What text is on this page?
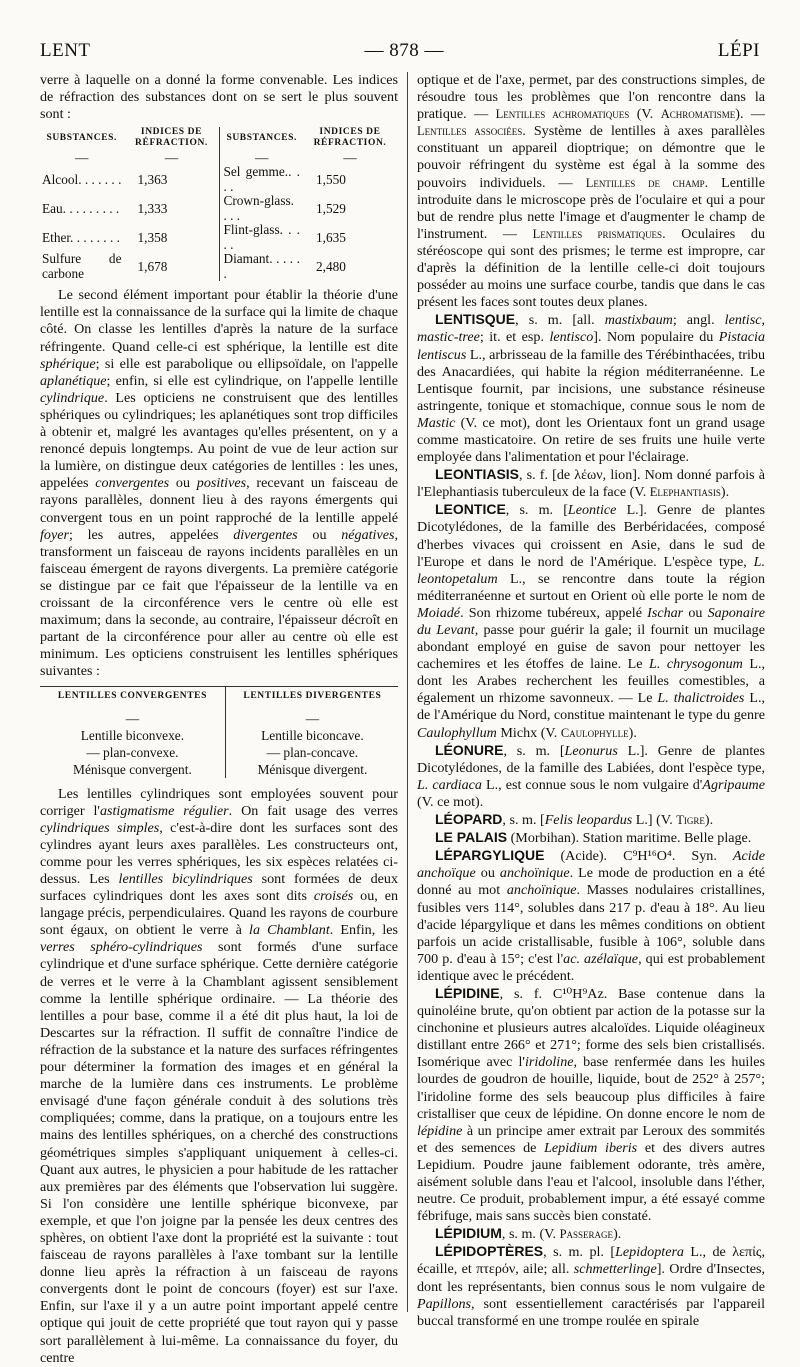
LENT	— 878 —	LÉPI

verre à laquelle on a donné la forme convenable. Les indices de réfraction des substances dont on se sert le plus souvent sont :

SUBSTANCES.	INDICES DE RÉFRACTION.		SUBSTANCES.	INDICES DE RÉFRACTION.
—	—	—	—
Alcool. . . . . . .	1,363	Sel gemme.. . . .	1,550
Eau. . . . . . . . .	1,333	Crown-glass. . . .	1,529
Ether. . . . . . . .	1,358	Flint-glass. . . . .	1,635
Sulfure de carbone	1,678	Diamant. . . . . .	2,480

Le second élément important pour établir la théorie d'une lentille est la connaissance de la surface qui la limite de chaque côté. On classe les lentilles d'après la nature de la surface réfringente. Quand celle-ci est sphérique, la lentille est dite sphérique; si elle est parabolique ou ellipsoïdale, on l'appelle aplanétique; enfin, si elle est cylindrique, on l'appelle lentille cylindrique. Les opticiens ne construisent que des lentilles sphériques ou cylindriques; les aplanétiques sont trop difficiles à obtenir et, malgré les avantages qu'elles présentent, on y a renoncé depuis longtemps. Au point de vue de leur action sur la lumière, on distingue deux catégories de lentilles : les unes, appelées convergentes ou positives, recevant un faisceau de rayons parallèles, donnent lieu à des rayons émergents qui convergent tous en un point rapproché de la lentille appelé foyer; les autres, appelées divergentes ou négatives, transforment un faisceau de rayons incidents parallèles en un faisceau émergent de rayons divergents. La première catégorie se distingue par ce fait que l'épaisseur de la lentille va en croissant de la circonférence vers le centre où elle est maximum; dans la seconde, au contraire, l'épaisseur décroît en partant de la circonférence pour aller au centre où elle est minimum. Les opticiens construisent les lentilles sphériques suivantes :

LENTILLES CONVERGENTES		LENTILLES DIVERGENTES
—		—
Lentille biconvexe.		Lentille biconcave.
— plan-convexe.		— plan-concave.
Ménisque convergent.		Ménisque divergent.

Les lentilles cylindriques sont employées souvent pour corriger l'astigmatisme régulier. On fait usage des verres cylindriques simples, c'est-à-dire dont les surfaces sont des cylindres ayant leurs axes parallèles. Les constructeurs ont, comme pour les verres sphériques, les six espèces relatées ci-dessus. Les lentilles bicylindriques sont formées de deux surfaces cylindriques dont les axes sont dits croisés ou, en langage précis, perpendiculaires. Quand les rayons de courbure sont égaux, on obtient le verre à la Chamblant. Enfin, les verres sphéro-cylindriques sont formés d'une surface cylindrique et d'une surface sphérique. Cette dernière catégorie de verres et le verre à la Chamblant agissent sensiblement comme la lentille sphérique ordinaire. — La théorie des lentilles a pour base, comme il a été dit plus haut, la loi de Descartes sur la réfraction. Il suffit de connaître l'indice de réfraction de la substance et la nature des surfaces réfringentes pour déterminer la formation des images et en général la marche de la lumière dans ces instruments. Le problème envisagé d'une façon générale conduit à des solutions très compliquées; comme, dans la pratique, on a toujours entre les mains des lentilles sphériques, on a cherché des constructions géométriques simples s'appliquant uniquement à celles-ci. Quant aux autres, le physicien a pour habitude de les rattacher aux premières par des éléments que l'observation lui suggère. Si l'on considère une lentille sphérique biconvexe, par exemple, et que l'on joigne par la pensée les deux centres des sphères, on obtient l'axe dont la propriété est la suivante : tout faisceau de rayons parallèles à l'axe tombant sur la lentille donne lieu après la réfraction à un faisceau de rayons convergents dont le point de concours (foyer) est sur l'axe. Enfin, sur l'axe il y a un autre point important appelé centre optique qui jouit de cette propriété que tout rayon qui y passe sort parallèlement à lui-même. La connaissance du foyer, du centre

optique et de l'axe, permet, par des constructions simples, de résoudre tous les problèmes que l'on rencontre dans la pratique. — Lentilles achromatiques (V. Achromatisme). — Lentilles associées. Système de lentilles à axes parallèles constituant un appareil dioptrique; on démontre que le pouvoir réfringent du système est égal à la somme des pouvoirs individuels. — Lentilles de champ. Lentille introduite dans le microscope près de l'oculaire et qui a pour but de rendre plus nette l'image et d'augmenter le champ de l'instrument. — Lentilles prismatiques. Oculaires du stéréoscope qui sont des prismes; le terme est impropre, car d'après la définition de la lentille celle-ci doit toujours posséder au moins une surface courbe, tandis que dans le cas présent les faces sont toutes deux planes.

LENTISQUE, s. m. [all. mastixbaum; angl. lentisc, mastic-tree; it. et esp. lentisco]. Nom populaire du Pistacia lentiscus L., arbrisseau de la famille des Térébinthacées, tribu des Anacardiées, qui habite la région méditerranéenne. Le Lentisque fournit, par incisions, une substance résineuse astringente, tonique et stomachique, connue sous le nom de Mastic (V. ce mot), dont les Orientaux font un grand usage comme masticatoire. On retire de ses fruits une huile verte employée dans l'alimentation et pour l'éclairage.

LEONTIASIS, s. f. [de λέων, lion]. Nom donné parfois à l'Elephantiasis tuberculeux de la face (V. Elephantiasis).

LEONTICE, s. m. [Leontice L.]. Genre de plantes Dicotylédones, de la famille des Berbéridacées, composé d'herbes vivaces qui croissent en Asie, dans le sud de l'Europe et dans le nord de l'Amérique. L'espèce type, L. leontopetalum L., se rencontre dans toute la région méditerranéenne et surtout en Orient où elle porte le nom de Moiadé. Son rhizome tubéreux, appelé Ischar ou Saponaire du Levant, passe pour guérir la gale; il fournit un mucilage abondant employé en guise de savon pour nettoyer les cachemires et les étoffes de laine. Le L. chrysogonum L., dont les Arabes recherchent les feuilles comestibles, a également un rhizome savonneux. — Le L. thalictroides L., de l'Amérique du Nord, constitue maintenant le type du genre Caulophyllum Michx (V. Caulophylle).

LÉONURE, s. m. [Leonurus L.]. Genre de plantes Dicotylédones, de la famille des Labiées, dont l'espèce type, L. cardiaca L., est connue sous le nom vulgaire d'Agripaume (V. ce mot).

LÉOPARD, s. m. [Felis leopardus L.] (V. Tigre).

LE PALAIS (Morbihan). Station maritime. Belle plage.

LÉPARGYLIQUE (Acide). C⁹H¹⁶O⁴. Syn. Acide anchoïque ou anchoïnique. Le mode de production en a été donné au mot anchoïnique. Masses nodulaires cristallines, fusibles vers 114°, solubles dans 217 p. d'eau à 18°. Au lieu d'acide lépargylique et dans les mêmes conditions on obtient parfois un acide cristallisable, fusible à 106°, soluble dans 700 p. d'eau à 15°; c'est l'ac. azélaïque, qui est probablement identique avec le précédent.

LÉPIDINE, s. f. C¹⁰H⁹Az. Base contenue dans la quinoléine brute, qu'on obtient par action de la potasse sur la cinchonine et plusieurs autres alcaloïdes. Liquide oléagineux distillant entre 266° et 271°; forme des sels bien cristallisés. Isomérique avec l'iridoline, base renfermée dans les huiles lourdes de goudron de houille, liquide, bout de 252° à 257°; l'iridoline forme des sels beaucoup plus difficiles à faire cristalliser que ceux de lépidine. On donne encore le nom de lépidine à un principe amer extrait par Leroux des sommités et des semences de Lepidium iberis et des divers autres Lepidium. Poudre jaune faiblement odorante, très amère, aisément soluble dans l'eau et l'alcool, insoluble dans l'éther, neutre. Ce produit, probablement impur, a été essayé comme fébrifuge, mais sans succès bien constaté.

LÉPIDIUM, s. m. (V. Passerage).

LÉPIDOPTÈRES, s. m. pl. [Lepidoptera L., de λεπίς, écaille, et πτερόν, aile; all. schmetterlinge]. Ordre d'Insectes, dont les représentants, bien connus sous le nom vulgaire de Papillons, sont essentiellement caractérisés par l'appareil buccal transformé en une trompe roulée en spirale
